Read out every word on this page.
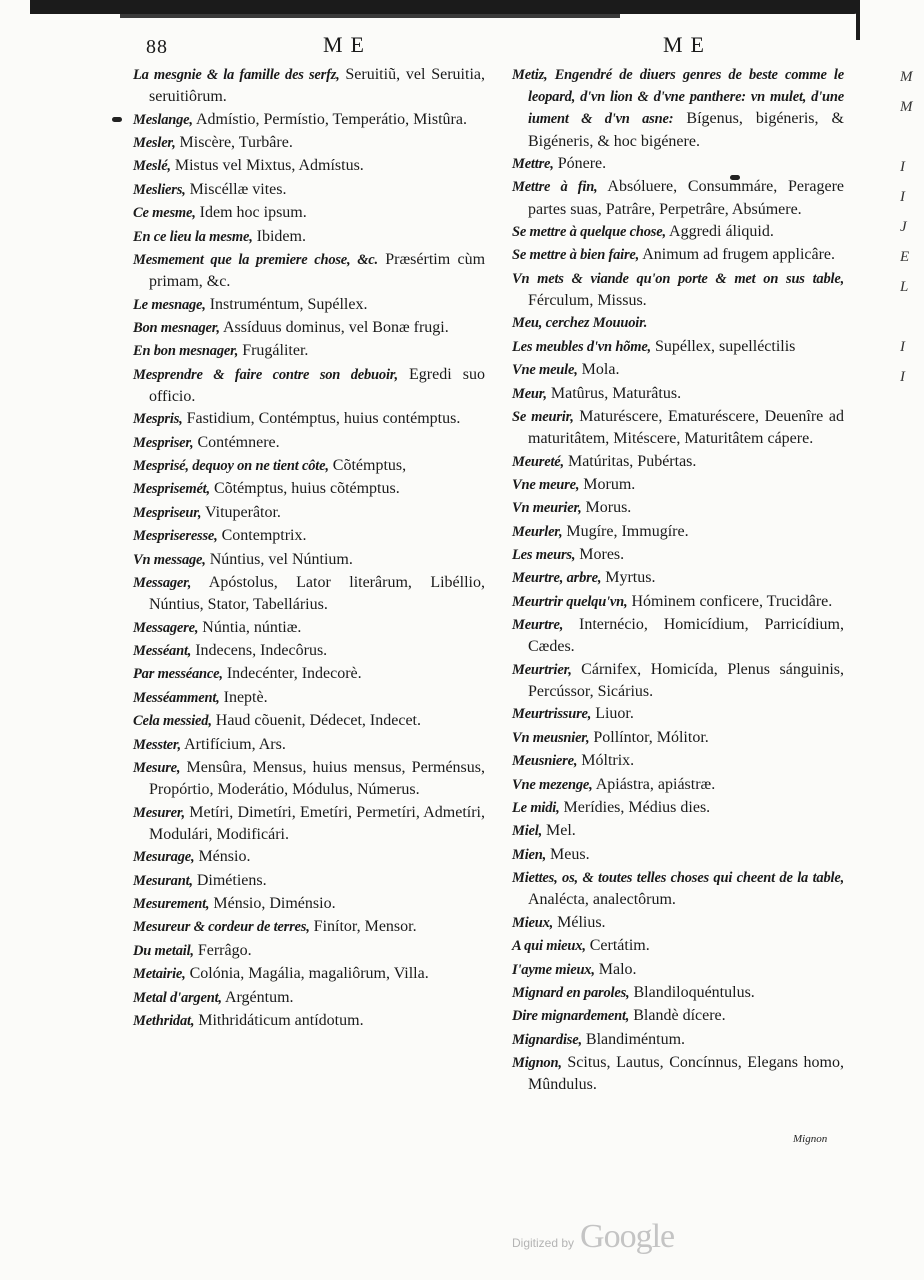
M
M
I
I
J
E
L
I
I
88	ME	ME
La mesgnie & la famille des serfz, Seruitiũ, vel Seruitia, seruitiôrum.
Meslange, Admístio, Permístio, Temperátio, Mistûra.
Mesler, Miscère, Turbâre.
Meslé, Mistus vel Mixtus, Admístus.
Mesliers, Miscéllæ vites.
Ce mesme, Idem hoc ipsum.
En ce lieu la mesme, Ibidem.
Mesmement que la premiere chose, &c. Præsértim cùm primam, &c.
Le mesnage, Instruméntum, Supéllex.
Bon mesnager, Assíduus dominus, vel Bonæ frugi.
En bon mesnager, Frugáliter.
Mesprendre & faire contre son debuoir, Egredi suo officio.
Mespris, Fastidium, Contémptus, huius contémptus.
Mespriser, Contémnere.
Mesprisé, dequoy on ne tient côte, Cõtémptus,
Mesprisemét, Cõtémptus, huius cõtémptus.
Mespriseur, Vituperâtor.
Mespriseresse, Contemptrix.
Vn message, Núntius, vel Núntium.
Messager, Apóstolus, Lator literârum, Libéllio, Núntius, Stator, Tabellárius.
Messagere, Núntia, núntiæ.
Messéant, Indecens, Indecôrus.
Par messéance, Indecénter, Indecorè.
Messéamment, Ineptè.
Cela messied, Haud cõuenit, Dédecet, Indecet.
Messter, Artifícium, Ars.
Mesure, Mensûra, Mensus, huius mensus, Perménsus, Propórtio, Moderátio, Módulus, Númerus.
Mesurer, Metíri, Dimetíri, Emetíri, Permetíri, Admetíri, Modulári, Modificári.
Mesurage, Ménsio.
Mesurant, Dimétiens.
Mesurement, Ménsio, Diménsio.
Mesureur & cordeur de terres, Finítor, Mensor.
Du metail, Ferrâgo.
Metairie, Colónia, Magália, magaliôrum, Villa.
Metal d'argent, Argéntum.
Methridat, Mithridáticum antídotum.
Metiz, Engendré de diuers genres de beste comme le leopard, d'vn lion & d'vne panthere: vn mulet, d'une iument & d'vn asne: Bígenus, bigéneris, & Bigéneris, & hoc bigénere.
Mettre, Pónere.
Mettre à fin, Absóluere, Consummáre, Peragere partes suas, Patrâre, Perpetrâre, Absúmere.
Se mettre à quelque chose, Aggredi áliquid.
Se mettre à bien faire, Animum ad frugem applicâre.
Vn mets & viande qu'on porte & met on sus table, Férculum, Missus.
Meu, cerchez Mouuoir.
Les meubles d'vn hõme, Supéllex, supelléctilis
Vne meule, Mola.
Meur, Matûrus, Maturâtus.
Se meurir, Maturéscere, Ematuréscere, Deuenîre ad maturitâtem, Mitéscere, Maturitâtem cápere.
Meureté, Matúritas, Pubértas.
Vne meure, Morum.
Vn meurier, Morus.
Meurler, Mugíre, Immugíre.
Les meurs, Mores.
Meurtre, arbre, Myrtus.
Meurtrir quelqu'vn, Hóminem conficere, Trucidâre.
Meurtre, Internécio, Homicídium, Parricídium, Cædes.
Meurtrier, Cárnifex, Homicída, Plenus sánguinis, Percússor, Sicárius.
Meurtrissure, Liuor.
Vn meusnier, Pollíntor, Mólitor.
Meusniere, Móltrix.
Vne mezenge, Apiástra, apiástræ.
Le midi, Merídies, Médius dies.
Miel, Mel.
Mien, Meus.
Miettes, os, & toutes telles choses qui cheent de la table, Analécta, analectôrum.
Mieux, Mélius.
A qui mieux, Certátim.
I'ayme mieux, Malo.
Mignard en paroles, Blandiloquéntulus.
Dire mignardement, Blandè dícere.
Mignardise, Blandiméntum.
Mignon, Scitus, Lautus, Concínnus, Elegans homo, Mûndulus.
Mignon
Digitized by Google
